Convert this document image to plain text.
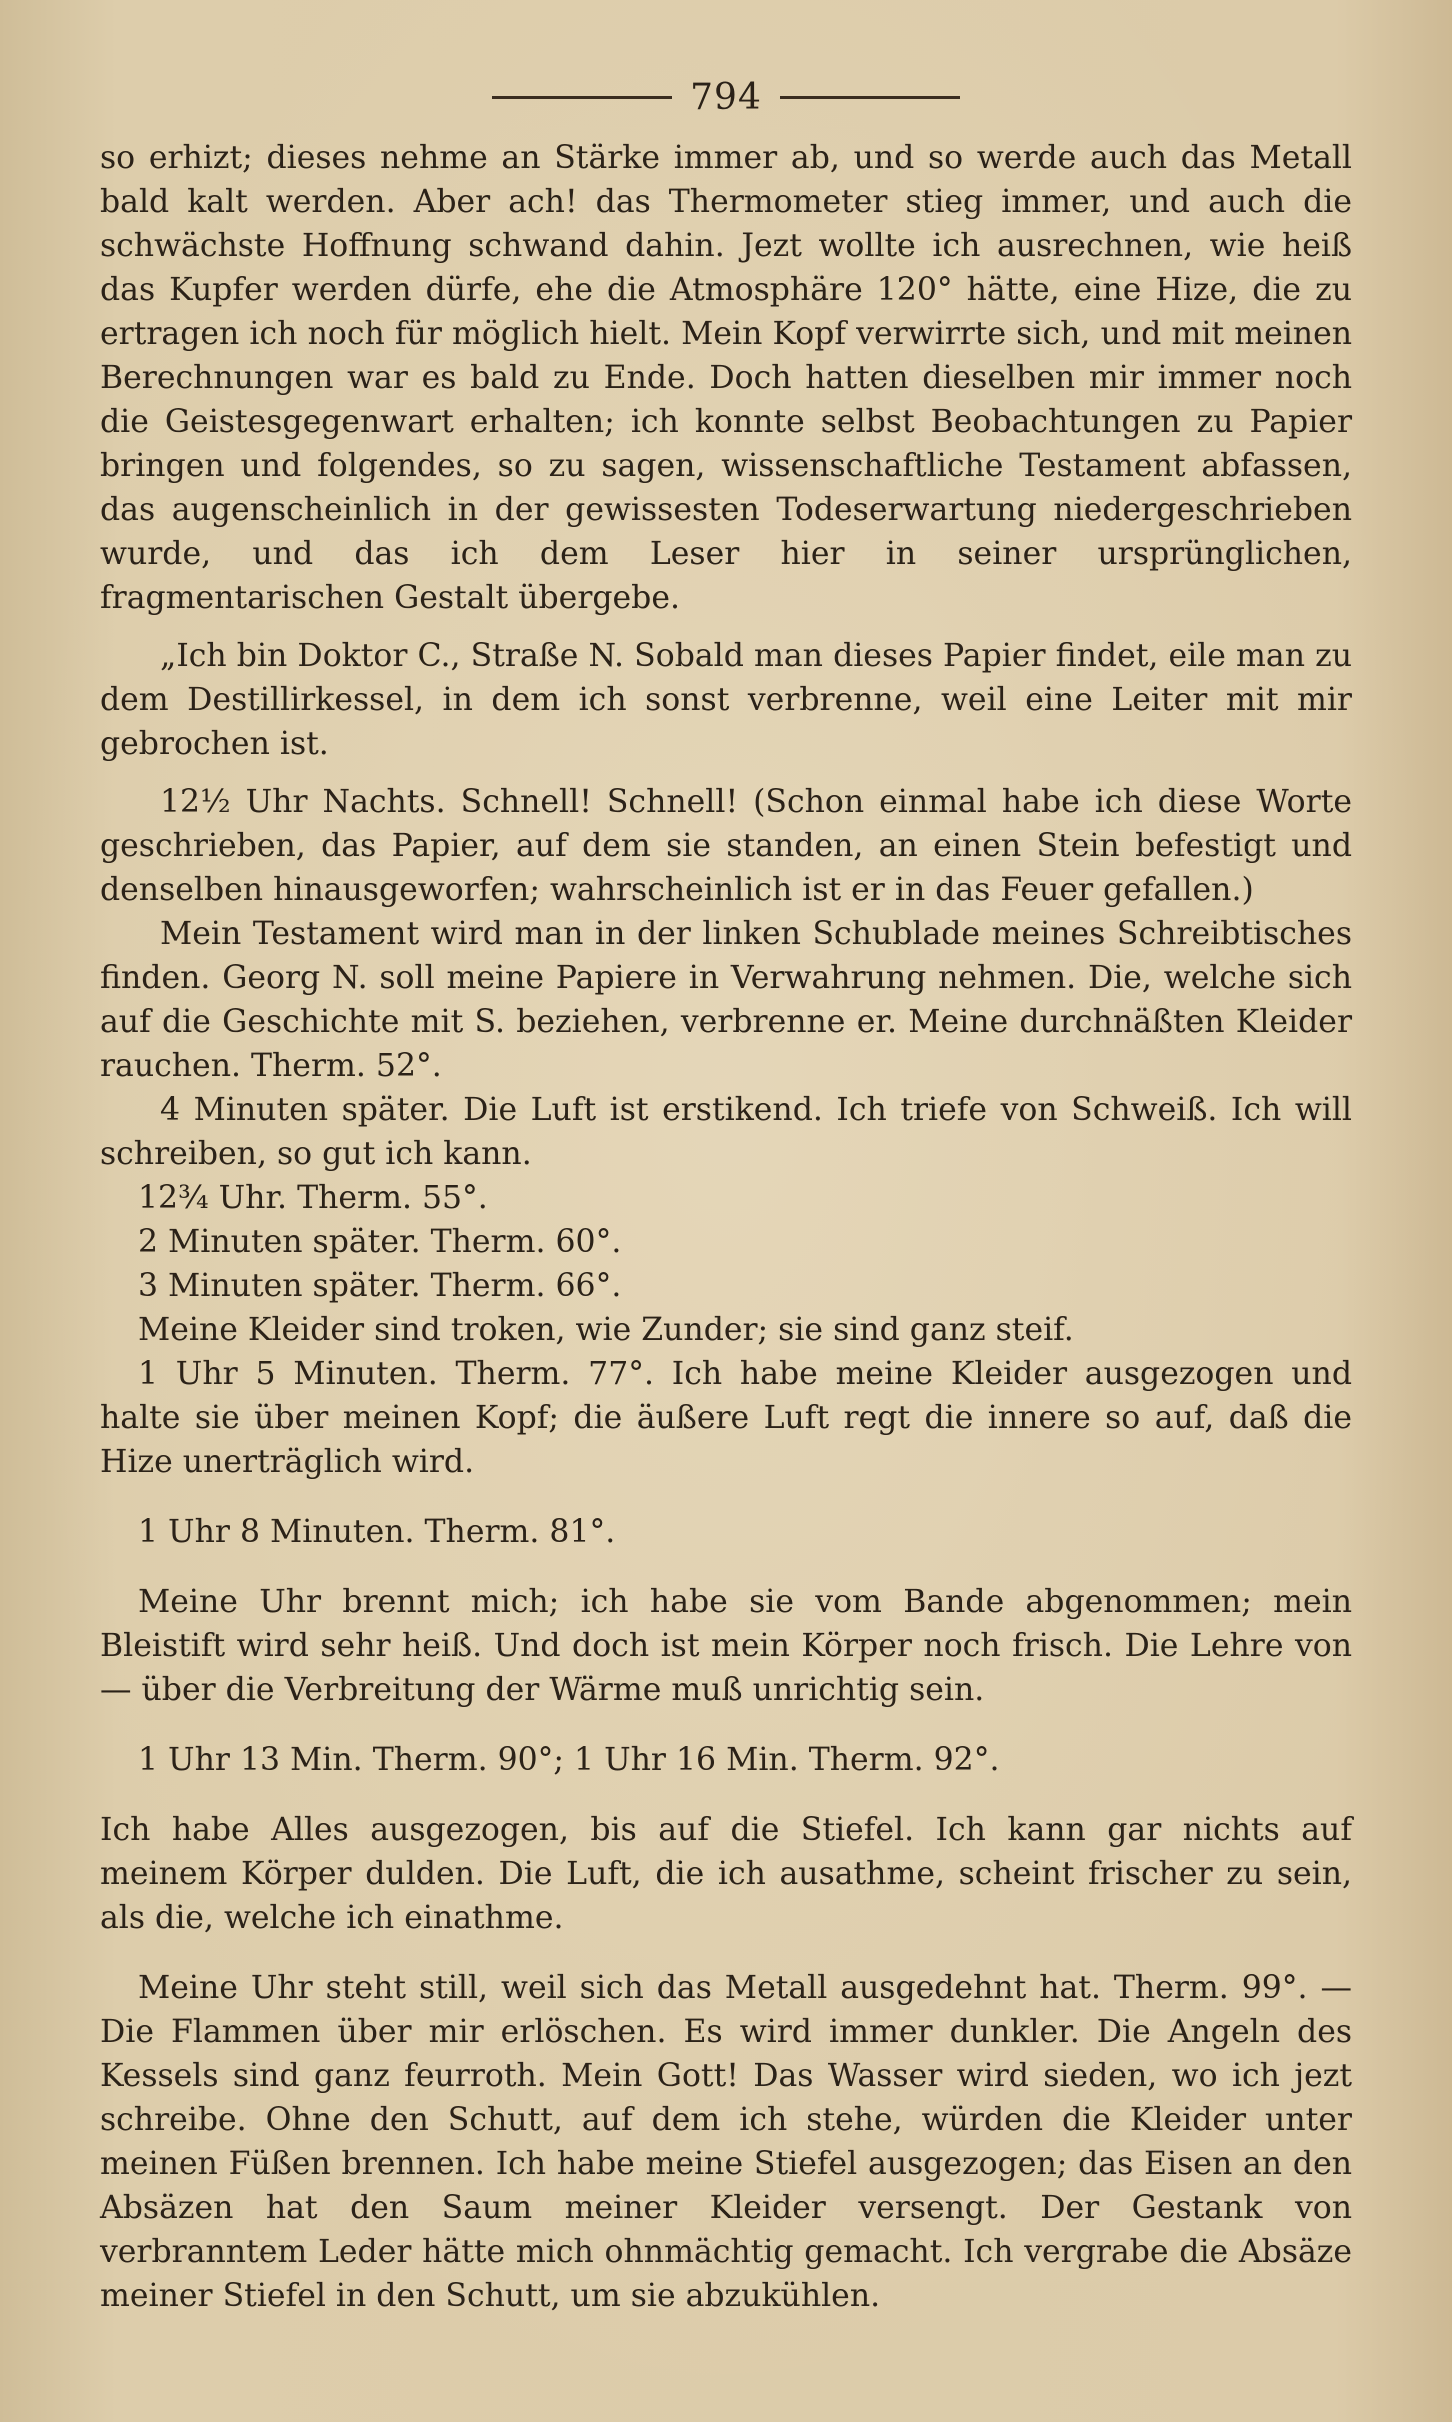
794

so erhizt; dieses nehme an Stärke immer ab, und so werde auch das Metall bald kalt werden. Aber ach! das Thermometer stieg immer, und auch die schwächste Hoffnung schwand dahin. Jezt wollte ich ausrechnen, wie heiß das Kupfer werden dürfe, ehe die Atmosphäre 120° hätte, eine Hize, die zu ertragen ich noch für möglich hielt. Mein Kopf verwirrte sich, und mit meinen Berechnungen war es bald zu Ende. Doch hatten dieselben mir immer noch die Geistesgegenwart erhalten; ich konnte selbst Beobachtungen zu Papier bringen und folgendes, so zu sagen, wissenschaftliche Testament abfassen, das augenscheinlich in der gewissesten Todeserwartung niedergeschrieben wurde, und das ich dem Leser hier in seiner ursprünglichen, fragmentarischen Gestalt übergebe.

„Ich bin Doktor C., Straße N. Sobald man dieses Papier findet, eile man zu dem Destillirkessel, in dem ich sonst verbrenne, weil eine Leiter mit mir gebrochen ist.

12½ Uhr Nachts. Schnell! Schnell! (Schon einmal habe ich diese Worte geschrieben, das Papier, auf dem sie standen, an einen Stein befestigt und denselben hinausgeworfen; wahrscheinlich ist er in das Feuer gefallen.)

Mein Testament wird man in der linken Schublade meines Schreibtisches finden. Georg N. soll meine Papiere in Verwahrung nehmen. Die, welche sich auf die Geschichte mit S. beziehen, verbrenne er. Meine durchnäßten Kleider rauchen. Therm. 52°.

4 Minuten später. Die Luft ist erstikend. Ich triefe von Schweiß. Ich will schreiben, so gut ich kann.

12¾ Uhr. Therm. 55°.

2 Minuten später. Therm. 60°.

3 Minuten später. Therm. 66°.

Meine Kleider sind troken, wie Zunder; sie sind ganz steif.

1 Uhr 5 Minuten. Therm. 77°. Ich habe meine Kleider ausgezogen und halte sie über meinen Kopf; die äußere Luft regt die innere so auf, daß die Hize unerträglich wird.

1 Uhr 8 Minuten. Therm. 81°.

Meine Uhr brennt mich; ich habe sie vom Bande abgenommen; mein Bleistift wird sehr heiß. Und doch ist mein Körper noch frisch. Die Lehre von — über die Verbreitung der Wärme muß unrichtig sein.

1 Uhr 13 Min. Therm. 90°; 1 Uhr 16 Min. Therm. 92°.

Ich habe Alles ausgezogen, bis auf die Stiefel. Ich kann gar nichts auf meinem Körper dulden. Die Luft, die ich ausathme, scheint frischer zu sein, als die, welche ich einathme.

Meine Uhr steht still, weil sich das Metall ausgedehnt hat. Therm. 99°. — Die Flammen über mir erlöschen. Es wird immer dunkler. Die Angeln des Kessels sind ganz feurroth. Mein Gott! Das Wasser wird sieden, wo ich jezt schreibe. Ohne den Schutt, auf dem ich stehe, würden die Kleider unter meinen Füßen brennen. Ich habe meine Stiefel ausgezogen; das Eisen an den Absäzen hat den Saum meiner Kleider versengt. Der Gestank von verbranntem Leder hätte mich ohnmächtig gemacht. Ich vergrabe die Absäze meiner Stiefel in den Schutt, um sie abzukühlen.
